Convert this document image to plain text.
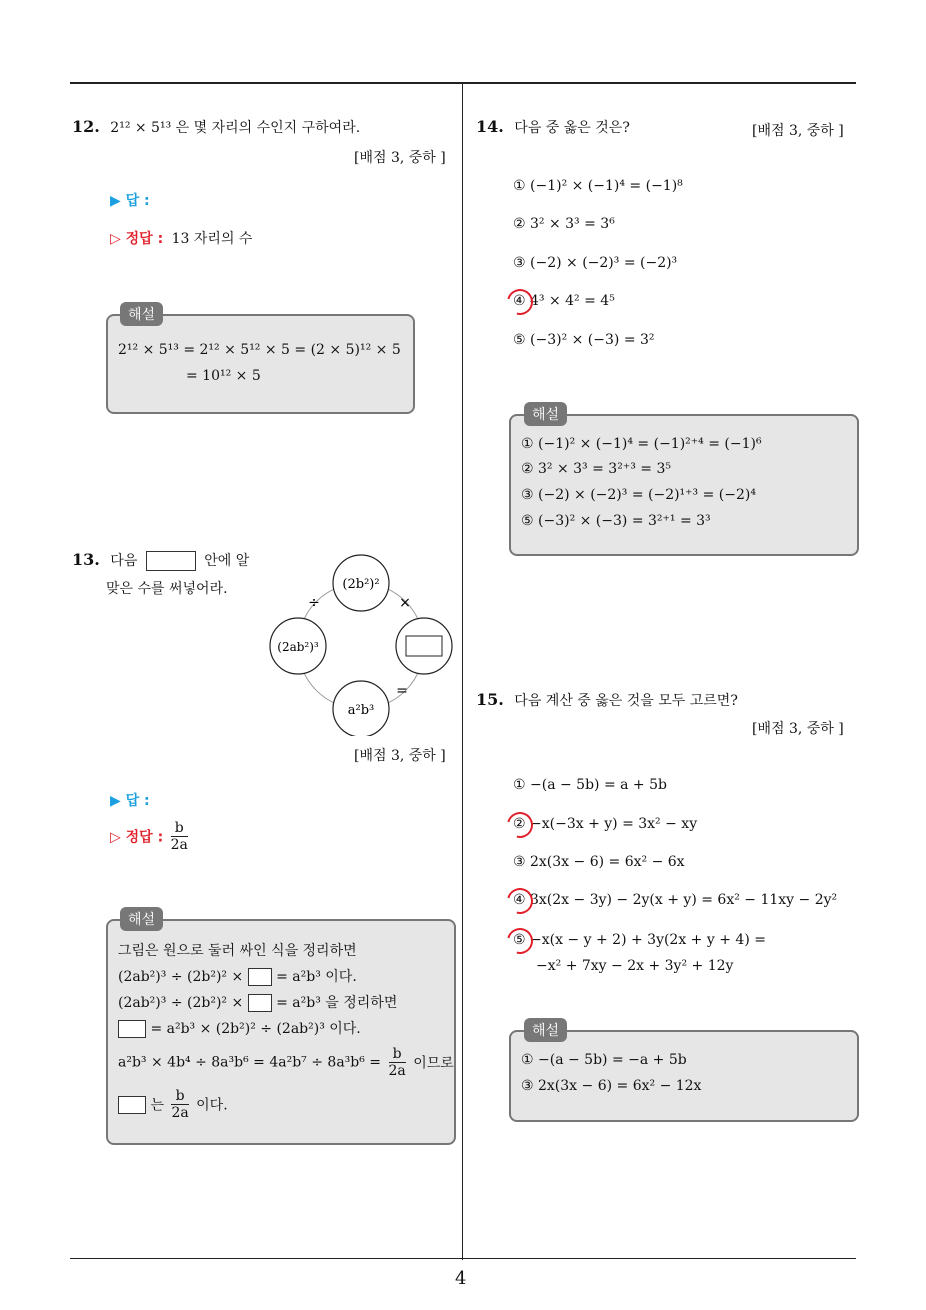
4
12. 2¹² × 5¹³ 은 몇 자리의 수인지 구하여라.
[배점 3, 중하 ]
▶ 답 :
▷ 정답 : 13 자리의 수
해설
2¹² × 5¹³ = 2¹² × 5¹² × 5 = (2 × 5)¹² × 5
= 10¹² × 5
13. 다음	안에 알
맞은 수를 써넣어라.	(2b²)²
(2ab²)³
a²b³
÷	×
=
[배점 3, 중하 ]
▶ 답 :
▷ 정답 : $\frac{b}{2a}$
해설
그림은 원으로 둘러 싸인 식을 정리하면
(2ab²)³ ÷ (2b²)² × = a²b³ 이다.
(2ab²)³ ÷ (2b²)² × = a²b³ 을 정리하면
= a²b³ × (2b²)² ÷ (2ab²)³ 이다.
$a^2b^3 \times 4b^4 \div 8a^3b^6 = 4a^2b^7 \div 8a^3b^6 = \frac{b}{2a}$ 이므로
는 $\frac{b}{2a}$ 이다.
14. 다음 중 옳은 것은?	[배점 3, 중하 ]
① (−1)² × (−1)⁴ = (−1)⁸
② 3² × 3³ = 3⁶
③ (−2) × (−2)³ = (−2)³
④ 4³ × 4² = 4⁵
⑤ (−3)² × (−3) = 3²
해설
① (−1)² × (−1)⁴ = (−1)²⁺⁴ = (−1)⁶
② 3² × 3³ = 3²⁺³ = 3⁵
③ (−2) × (−2)³ = (−2)¹⁺³ = (−2)⁴
⑤ (−3)² × (−3) = 3²⁺¹ = 3³
15. 다음 계산 중 옳은 것을 모두 고르면?
[배점 3, 중하 ]
① −(a − 5b) = a + 5b
② −x(−3x + y) = 3x² − xy
③ 2x(3x − 6) = 6x² − 6x
④ 3x(2x − 3y) − 2y(x + y) = 6x² − 11xy − 2y²
⑤ −x(x − y + 2) + 3y(2x + y + 4) =
−x² + 7xy − 2x + 3y² + 12y
해설
① −(a − 5b) = −a + 5b
③ 2x(3x − 6) = 6x² − 12x
